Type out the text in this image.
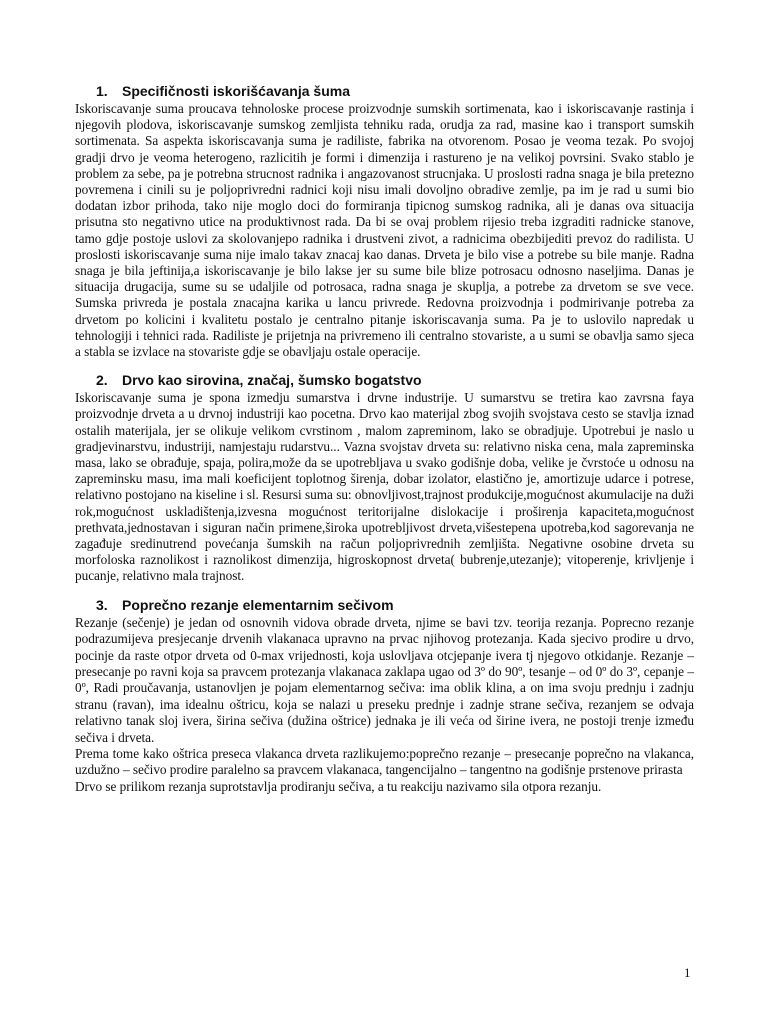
1. Specifičnosti iskorišćavanja šuma

Iskoriscavanje suma proucava tehnoloske procese proizvodnje sumskih sortimenata, kao i iskoriscavanje rastinja i njegovih plodova, iskoriscavanje sumskog zemljista tehniku rada, orudja za rad, masine kao i transport sumskih sortimenata. Sa aspekta iskoriscavanja suma je radiliste, fabrika na otvorenom. Posao je veoma tezak. Po svojoj gradji drvo je veoma heterogeno, razlicitih je formi i dimenzija i rastureno je na velikoj povrsini. Svako stablo je problem za sebe, pa je potrebna strucnost radnika i angazovanost strucnjaka. U proslosti radna snaga je bila pretezno povremena i cinili su je poljoprivredni radnici koji nisu imali dovoljno obradive zemlje, pa im je rad u sumi bio dodatan izbor prihoda, tako nije moglo doci do formiranja tipicnog sumskog radnika, ali je danas ova situacija prisutna sto negativno utice na produktivnost rada. Da bi se ovaj problem rijesio treba izgraditi radnicke stanove, tamo gdje postoje uslovi za skolovanjepo radnika i drustveni zivot, a radnicima obezbijediti prevoz do radilista. U proslosti iskoriscavanje suma nije imalo takav znacaj kao danas. Drveta je bilo vise a potrebe su bile manje. Radna snaga je bila jeftinija,a iskoriscavanje je bilo lakse jer su sume bile blize potrosacu odnosno naseljima. Danas je situacija drugacija, sume su se udaljile od potrosaca, radna snaga je skuplja, a potrebe za drvetom se sve vece. Sumska privreda je postala znacajna karika u lancu privrede. Redovna proizvodnja i podmirivanje potreba za drvetom po kolicini i kvalitetu postalo je centralno pitanje iskoriscavanja suma. Pa je to uslovilo napredak u tehnologiji i tehnici rada. Radiliste je prijetnja na privremeno ili centralno stovariste, a u sumi se obavlja samo sjeca a stabla se izvlace na stovariste gdje se obavljaju ostale operacije.

2. Drvo kao sirovina, značaj, šumsko bogatstvo

Iskoriscavanje suma je spona izmedju sumarstva i drvne industrije. U sumarstvu se tretira kao zavrsna faya proizvodnje drveta a u drvnoj industriji kao pocetna. Drvo kao materijal zbog svojih svojstava cesto se stavlja iznad ostalih materijala, jer se olikuje velikom cvrstinom , malom zapreminom, lako se obradjuje. Upotrebui je naslo u gradjevinarstvu, industriji, namjestaju rudarstvu... Vazna svojstav drveta su: relativno niska cena, mala zapreminska masa, lako se obrađuje, spaja, polira,može da se upotrebljava u svako godišnje doba, velike je čvrstoće u odnosu na zapreminsku masu, ima mali koeficijent toplotnog širenja, dobar izolator, elastično je, amortizuje udarce i potrese, relativno postojano na kiseline i sl. Resursi suma su: obnovljivost,trajnost produkcije,mogućnost akumulacije na duži rok,mogućnost uskladištenja,izvesna mogućnost teritorijalne dislokacije i proširenja kapaciteta,mogućnost prethvata,jednostavan i siguran način primene,široka upotrebljivost drveta,višestepena upotreba,kod sagorevanja ne zagađuje sredinutrend povećanja šumskih na račun poljoprivrednih zemljišta. Negativne osobine drveta su morfoloska raznolikost i raznolikost dimenzija, higroskopnost drveta( bubrenje,utezanje); vitoperenje, krivljenje i pucanje, relativno mala trajnost.

3. Poprečno rezanje elementarnim sečivom

Rezanje (sečenje) je jedan od osnovnih vidova obrade drveta, njime se bavi tzv. teorija rezanja. Poprecno rezanje podrazumijeva presjecanje drvenih vlakanaca upravno na prvac njihovog protezanja. Kada sjecivo prodire u drvo, pocinje da raste otpor drveta od 0-max vrijednosti, koja uslovljava otcjepanje ivera tj njegovo otkidanje. Rezanje – presecanje po ravni koja sa pravcem protezanja vlakanaca zaklapa ugao od 3º do 90º, tesanje – od 0º do 3º, cepanje – 0º, Radi proučavanja, ustanovljen je pojam elementarnog sečiva: ima oblik klina, a on ima svoju prednju i zadnju stranu (ravan), ima idealnu oštricu, koja se nalazi u preseku prednje i zadnje strane sečiva, rezanjem se odvaja relativno tanak sloj ivera, širina sečiva (dužina oštrice) jednaka je ili veća od širine ivera, ne postoji trenje između sečiva i drveta.

Prema tome kako oštrica preseca vlakanca drveta razlikujemo:poprečno rezanje – presecanje poprečno na vlakanca, uzdužno – sečivo prodire paralelno sa pravcem vlakanaca, tangencijalno – tangentno na godišnje prstenove prirasta

Drvo se prilikom rezanja suprotstavlja prodiranju sečiva, a tu reakciju nazivamo sila otpora rezanju.

1
